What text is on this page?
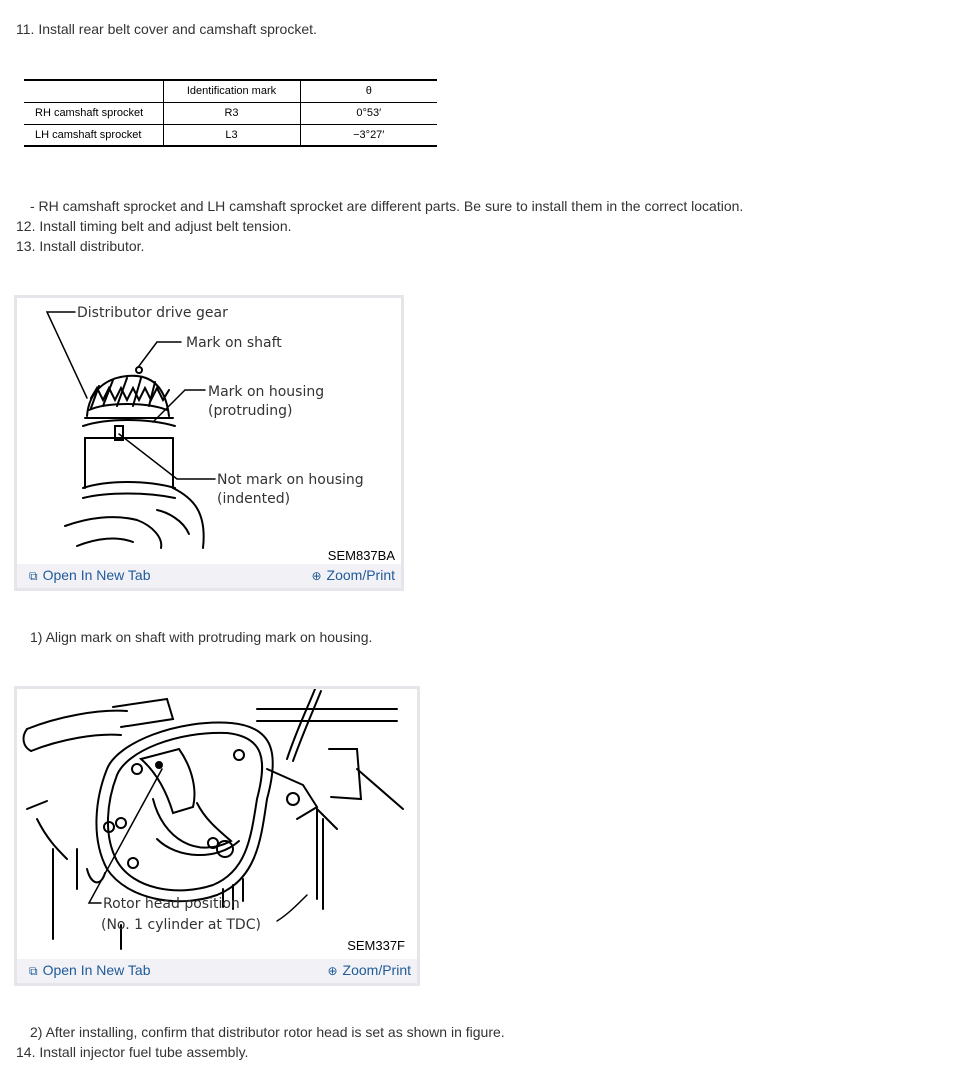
11. Install rear belt cover and camshaft sprocket.
	Identification mark	θ
RH camshaft sprocket	R3	0°53′
LH camshaft sprocket	L3	−3°27′
- RH camshaft sprocket and LH camshaft sprocket are different parts. Be sure to install them in the correct location.
12. Install timing belt and adjust belt tension.
13. Install distributor.
SEM837BA
Distributor drive gear
Mark on shaft
Mark on housing
(protruding)
Not mark on housing
(indented)
⧉ Open In New Tab	⊕ Zoom/Print
1) Align mark on shaft with protruding mark on housing.
Rotor head position
(No. 1 cylinder at TDC)
SEM337F
⧉ Open In New Tab	⊕ Zoom/Print
2) After installing, confirm that distributor rotor head is set as shown in figure.
14. Install injector fuel tube assembly.
